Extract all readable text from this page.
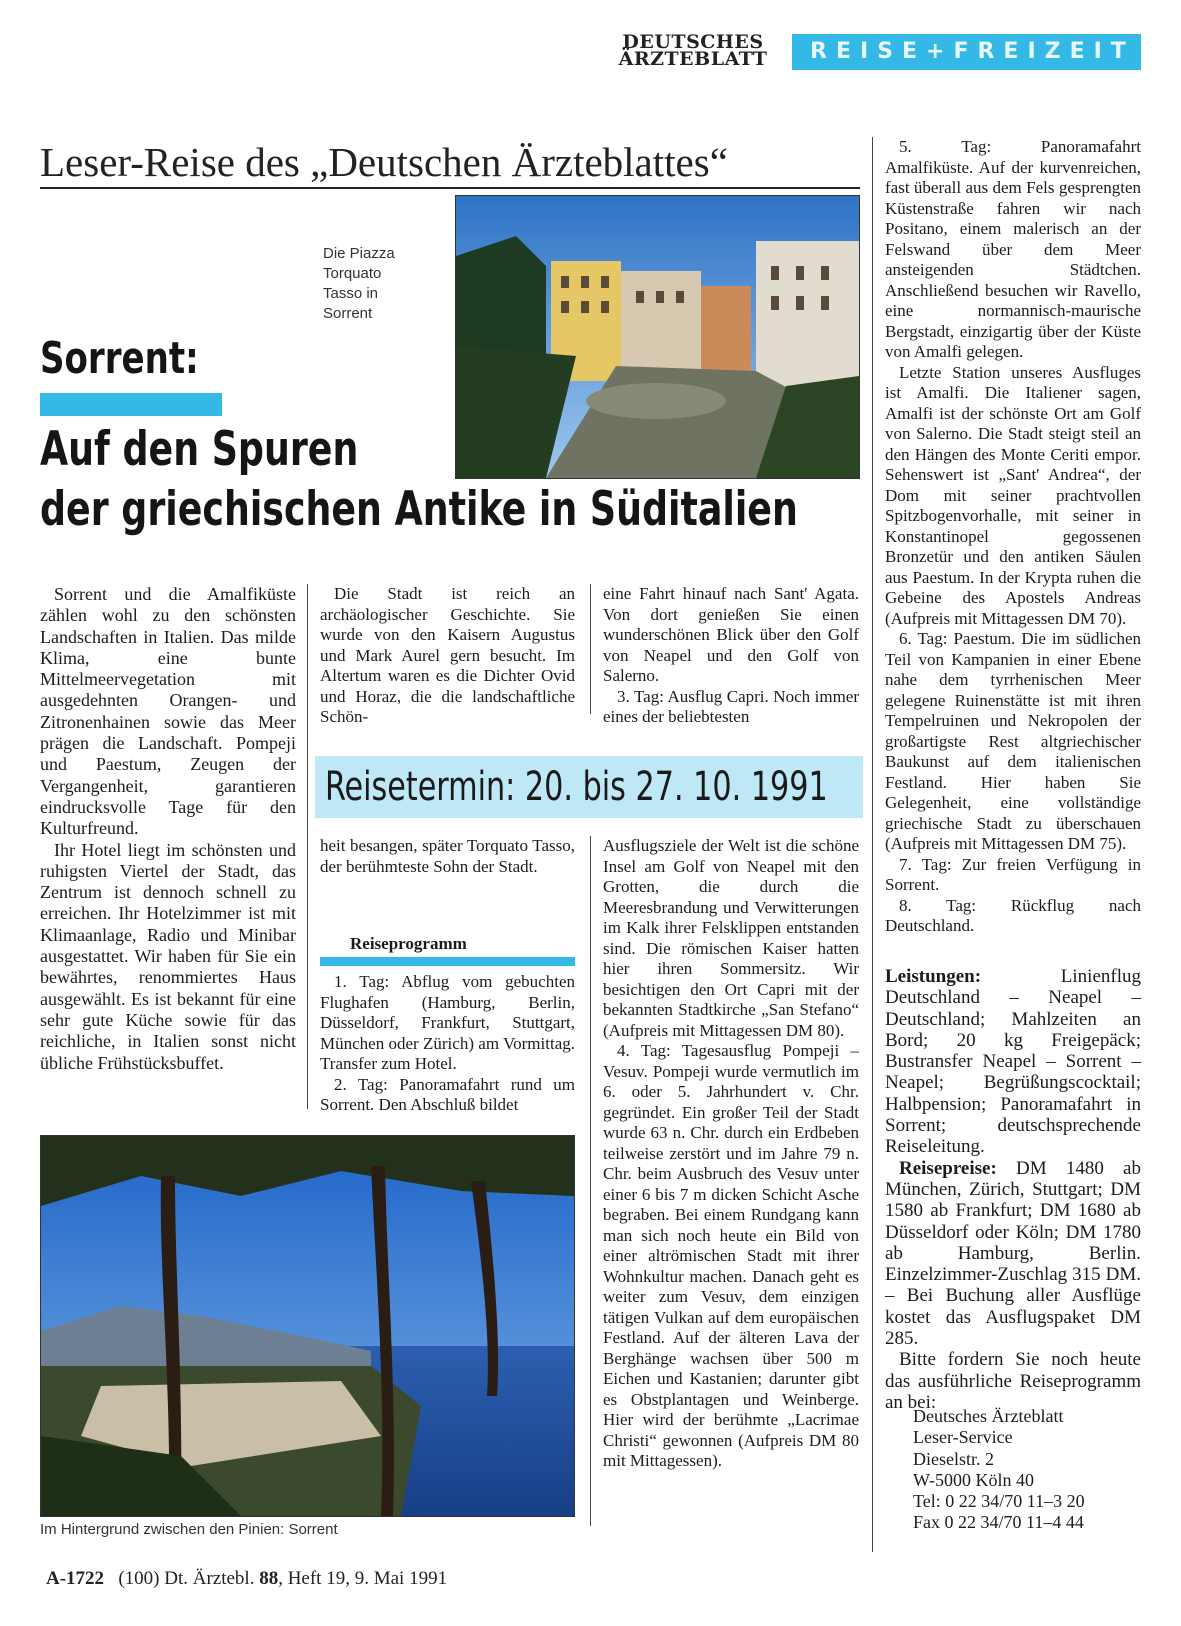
DEUTSCHES
ÄRZTEBLATT	REISE+FREIZEIT
Leser-Reise des „Deutschen Ärzteblattes“
Die Piazza
Torquato
Tasso in
Sorrent
Sorrent:
Auf den Spuren
der griechischen Antike in Süditalien

Sorrent und die Amalfiküste zählen wohl zu den schönsten Landschaften in Italien. Das milde Klima, eine bunte Mittelmeervegetation mit ausgedehnten Orangen- und Zitronenhainen sowie das Meer prägen die Landschaft. Pompeji und Paestum, Zeugen der Vergangenheit, garantieren eindrucksvolle Tage für den Kulturfreund.

Ihr Hotel liegt im schönsten und ruhigsten Viertel der Stadt, das Zentrum ist dennoch schnell zu erreichen. Ihr Hotelzimmer ist mit Klimaanlage, Radio und Minibar ausgestattet. Wir haben für Sie ein bewährtes, renommiertes Haus ausgewählt. Es ist bekannt für eine sehr gute Küche sowie für das reichliche, in Italien sonst nicht übliche Frühstücksbuffet.

Die Stadt ist reich an archäologischer Geschichte. Sie wurde von den Kaisern Augustus und Mark Aurel gern besucht. Im Altertum waren es die Dichter Ovid und Horaz, die die landschaftliche Schön-

eine Fahrt hinauf nach Sant' Agata. Von dort genießen Sie einen wunderschönen Blick über den Golf von Neapel und den Golf von Salerno.

3. Tag: Ausflug Capri. Noch immer eines der beliebtesten

Reisetermin: 20. bis 27. 10. 1991

heit besangen, später Torquato Tasso, der berühmteste Sohn der Stadt.

Reiseprogramm

1. Tag: Abflug vom gebuchten Flughafen (Hamburg, Berlin, Düsseldorf, Frankfurt, Stuttgart, München oder Zürich) am Vormittag. Transfer zum Hotel.

2. Tag: Panoramafahrt rund um Sorrent. Den Abschluß bildet

Ausflugsziele der Welt ist die schöne Insel am Golf von Neapel mit den Grotten, die durch die Meeresbrandung und Verwitterungen im Kalk ihrer Felsklippen entstanden sind. Die römischen Kaiser hatten hier ihren Sommersitz. Wir besichtigen den Ort Capri mit der bekannten Stadtkirche „San Stefano“ (Aufpreis mit Mittagessen DM 80).

4. Tag: Tagesausflug Pompeji – Vesuv. Pompeji wurde vermutlich im 6. oder 5. Jahrhundert v. Chr. gegründet. Ein großer Teil der Stadt wurde 63 n. Chr. durch ein Erdbeben teilweise zerstört und im Jahre 79 n. Chr. beim Ausbruch des Vesuv unter einer 6 bis 7 m dicken Schicht Asche begraben. Bei einem Rundgang kann man sich noch heute ein Bild von einer altrömischen Stadt mit ihrer Wohnkultur machen. Danach geht es weiter zum Vesuv, dem einzigen tätigen Vulkan auf dem europäischen Festland. Auf der älteren Lava der Berghänge wachsen über 500 m Eichen und Kastanien; darunter gibt es Obstplantagen und Weinberge. Hier wird der berühmte „Lacrimae Christi“ gewonnen (Aufpreis DM 80 mit Mittagessen).

5. Tag: Panoramafahrt Amalfiküste. Auf der kurvenreichen, fast überall aus dem Fels gesprengten Küstenstraße fahren wir nach Positano, einem malerisch an der Felswand über dem Meer ansteigenden Städtchen. Anschließend besuchen wir Ravello, eine normannisch-maurische Bergstadt, einzigartig über der Küste von Amalfi gelegen.

Letzte Station unseres Ausfluges ist Amalfi. Die Italiener sagen, Amalfi ist der schönste Ort am Golf von Salerno. Die Stadt steigt steil an den Hängen des Monte Ceriti empor. Sehenswert ist „Sant' Andrea“, der Dom mit seiner prachtvollen Spitzbogenvorhalle, mit seiner in Konstantinopel gegossenen Bronzetür und den antiken Säulen aus Paestum. In der Krypta ruhen die Gebeine des Apostels Andreas (Aufpreis mit Mittagessen DM 70).

6. Tag: Paestum. Die im südlichen Teil von Kampanien in einer Ebene nahe dem tyrrhenischen Meer gelegene Ruinenstätte ist mit ihren Tempelruinen und Nekropolen der großartigste Rest altgriechischer Baukunst auf dem italienischen Festland. Hier haben Sie Gelegenheit, eine vollständige griechische Stadt zu überschauen (Aufpreis mit Mittagessen DM 75).

7. Tag: Zur freien Verfügung in Sorrent.

8. Tag: Rückflug nach Deutschland.

Leistungen:	Linienflug Deutschland – Neapel – Deutschland; Mahlzeiten an Bord; 20 kg Freigepäck; Bustransfer Neapel – Sorrent – Neapel; Begrüßungscocktail; Halbpension; Panoramafahrt in Sorrent; deutschsprechende Reiseleitung.

Reisepreise: DM 1480 ab München, Zürich, Stuttgart; DM 1580 ab Frankfurt; DM 1680 ab Düsseldorf oder Köln; DM 1780 ab Hamburg, Berlin. Einzelzimmer-Zuschlag 315 DM. – Bei Buchung aller Ausflüge kostet das Ausflugspaket DM 285.

Bitte fordern Sie noch heute das ausführliche Reiseprogramm an bei:

Deutsches Ärzteblatt
Leser-Service
Dieselstr. 2
W-5000 Köln 40
Tel: 0 22 34/70 11–3 20
Fax 0 22 34/70 11–4 44
Im Hintergrund zwischen den Pinien: Sorrent
A-1722 (100) Dt. Ärztebl. 88, Heft 19, 9. Mai 1991
